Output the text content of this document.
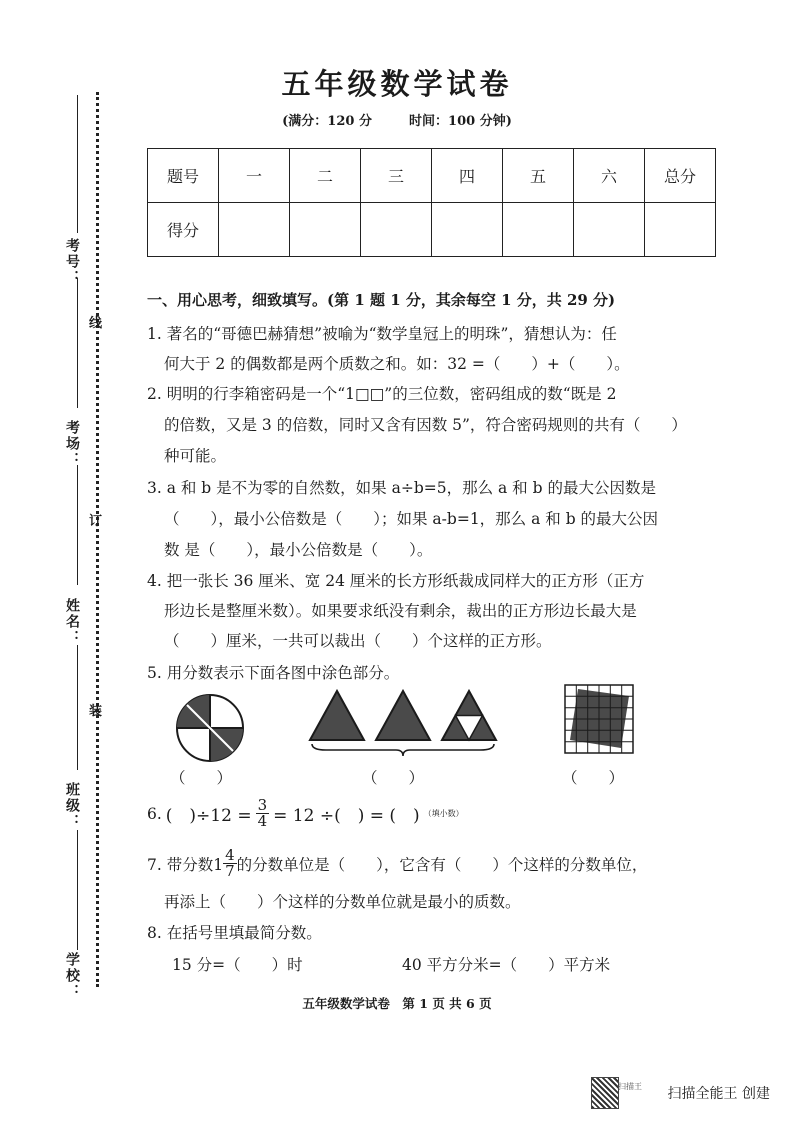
考号：
考场：
姓名：
班级：
学校：
线
订
装
五年级数学试卷
(满分：120 分	时间：100 分钟)
题号	一	二	三	四	五	六	总分
得分							
一、用心思考，细致填写。(第 1 题 1 分，其余每空 1 分，共 29 分)
1. 著名的“哥德巴赫猜想”被喻为“数学皇冠上的明珠”，猜想认为：任
何大于 2 的偶数都是两个质数之和。如：32 =（　　）+（　　）。
2. 明明的行李箱密码是一个“1□□”的三位数，密码组成的数“既是 2
的倍数，又是 3 的倍数，同时又含有因数 5”，符合密码规则的共有（　　）
种可能。
3. a 和 b 是不为零的自然数，如果 a÷b=5，那么 a 和 b 的最大公因数是
（　　），最小公倍数是（　　）；如果 a-b=1，那么 a 和 b 的最大公因
数 是（　　），最小公倍数是（　　）。
4. 把一张长 36 厘米、宽 24 厘米的长方形纸裁成同样大的正方形（正方
形边长是整厘米数）。如果要求纸没有剩余，裁出的正方形边长最大是
（　　）厘米，一共可以裁出（　　）个这样的正方形。
5. 用分数表示下面各图中涂色部分。
（　　）	（　　）	（　　）
6. (　)$\div 12 = \frac{3}{4} = 12$ ÷(　) = (　) （填小数）
7. 带分数$1 \frac{4}{7}$ 的分数单位是（　　），它含有（　　）个这样的分数单位，
再添上（　　）个这样的分数单位就是最小的质数。
8. 在括号里填最简分数。
15 分=（　　）时	40 平方分米=（　　）平方米
五年级数学试卷　第 1 页 共 6 页
扫描王 扫描全能王 创建
